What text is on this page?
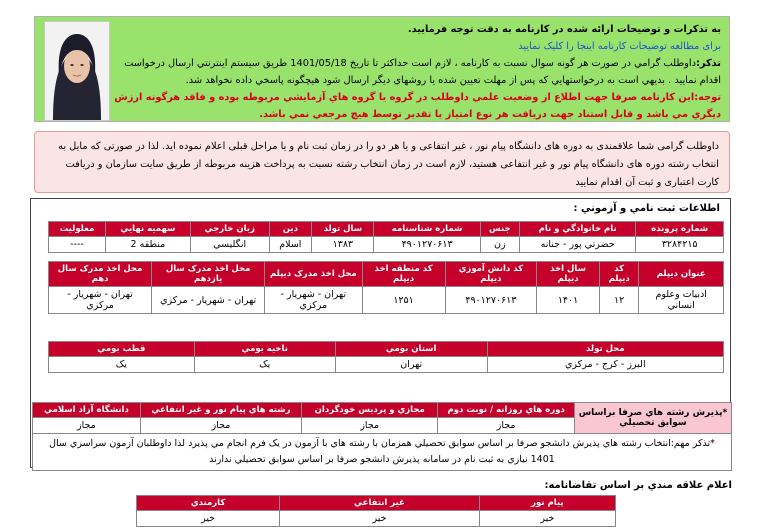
به تذکرات و توضيحات ارائه شده در کارنامه به دقت توجه فرماييد.
برای مطالعه توضيحات کارنامه اينجا را کليک نماييد
تذکر:داوطلب گرامي در صورت هر گونه سوال نسبت به کارنامه ، لازم است حداکثر تا تاريخ 1401/05/18 طريق سيستم اينترنتي ارسال درخواست اقدام نماييد . بديهي است به درخواستهايي که پس از مهلت تعيين شده يا روشهاي ديگر ارسال شود هيچگونه پاسخي داده نخواهد شد.
توجه:اين کارنامه صرفا جهت اطلاع از وضعيت علمي داوطلب در گروه يا گروه هاي آزمايشي مربوطه بوده و فاقد هرگونه ارزش ديگري مي باشد و قابل استناد جهت دريافت هر نوع امتياز يا تقدير توسط هيچ مرجعي نمي باشد.
داوطلب گرامی شما علاقمندی به دوره های دانشگاه پیام نور ، غیر انتفاعی و یا هر دو را در زمان ثبت نام و یا مراحل قبلی اعلام نموده اید. لذا در صورتی که مایل به انتخاب رشته دوره های دانشگاه پیام نور و غیر انتفاعی هستید، لازم است در زمان انتخاب رشته نسبت به پرداخت هزینه مربوطه از طریق سایت سازمان و دریافت کارت اعتباری و ثبت آن اقدام نمایید
اطلاعات ثبت نامي و آزموني :
شماره پرونده	نام خانوادگي و نام	جنس	شماره شناسنامه	سال تولد	دين	زبان خارجي	سهميه نهايي	معلوليت
۳۲۸۴۲۱۵	حضرتي پور - جنانه	زن	۴۹۰۱۲۷۰۶۱۳	۱۳۸۳	اسلام	انگليسي	منطقه 2	----
عنوان ديپلم	کد ديپلم	سال اخذ ديپلم	کد دانش آموزي ديپلم	کد منطقه اخذ ديپلم	محل اخذ مدرک ديپلم	محل اخذ مدرک سال يازدهم	محل اخذ مدرک سال دهم
ادبيات وعلوم انساني	۱۲	۱۴۰۱	۴۹۰۱۲۷۰۶۱۳	۱۲۵۱	تهران - شهريار - مرکزي	تهران - شهريار - مرکزي	تهران - شهريار - مرکزي
محل تولد	استان بومي	ناحيه بومي	قطب بومي
البرز - کرج - مرکزي	تهران	يک	يک
*پذيرش رشته هاي صرفا براساس سوابق تحصيلي	دوره هاي روزانه / نوبت دوم	مجازي و پرديس خودگردان	رشته هاي پيام نور و غير انتفاعي	دانشگاه آزاد اسلامي
	مجاز	مجاز	مجاز	مجاز
*تذکر مهم:انتخاب رشته هاي پذيرش دانشجو صرفا بر اساس سوابق تحصيلي همزمان با رشته هاي با آزمون در يک فرم انجام مي پذيرد لذا داوطلبان آزمون سراسري سال 1401 نيازي به ثبت نام در سامانه پذيرش دانشجو صرفا بر اساس سوابق تحصيلي ندارند				
اعلام علاقه مندي بر اساس تقاضانامه:
پيام نور	غير انتفاعي	کارمندي
خير	خير	خير
